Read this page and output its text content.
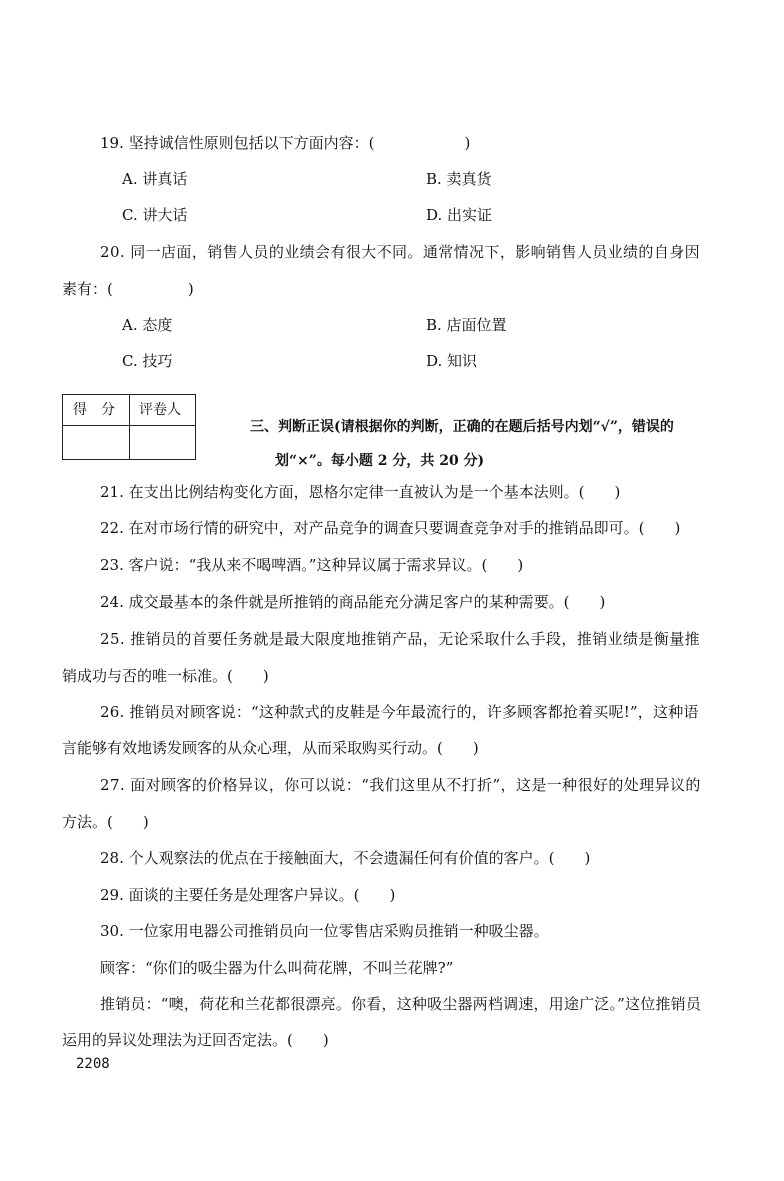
19. 坚持诚信性原则包括以下方面内容：(　　　　　　)
A. 讲真话	B. 卖真货
C. 讲大话	D. 出实证
20. 同一店面，销售人员的业绩会有很大不同。通常情况下，影响销售人员业绩的自身因
素有：(　　　　　)
A. 态度	B. 店面位置
C. 技巧	D. 知识
得　分 评卷人
三、判断正误(请根据你的判断，正确的在题后括号内划“√”，错误的
划“×”。每小题 2 分，共 20 分)
21. 在支出比例结构变化方面，恩格尔定律一直被认为是一个基本法则。(　　)
22. 在对市场行情的研究中，对产品竞争的调查只要调查竞争对手的推销品即可。(　　)
23. 客户说：“我从来不喝啤酒。”这种异议属于需求异议。(　　)
24. 成交最基本的条件就是所推销的商品能充分满足客户的某种需要。(　　)
25. 推销员的首要任务就是最大限度地推销产品，无论采取什么手段，推销业绩是衡量推
销成功与否的唯一标准。(　　)
26. 推销员对顾客说：“这种款式的皮鞋是今年最流行的，许多顾客都抢着买呢!”，这种语
言能够有效地诱发顾客的从众心理，从而采取购买行动。(　　)
27. 面对顾客的价格异议，你可以说：“我们这里从不打折”，这是一种很好的处理异议的
方法。(　　)
28. 个人观察法的优点在于接触面大，不会遗漏任何有价值的客户。(　　)
29. 面谈的主要任务是处理客户异议。(　　)
30. 一位家用电器公司推销员向一位零售店采购员推销一种吸尘器。
顾客：“你们的吸尘器为什么叫荷花牌，不叫兰花牌?”
推销员：“噢，荷花和兰花都很漂亮。你看，这种吸尘器两档调速，用途广泛。”这位推销员
运用的异议处理法为迂回否定法。(　　)
2208
